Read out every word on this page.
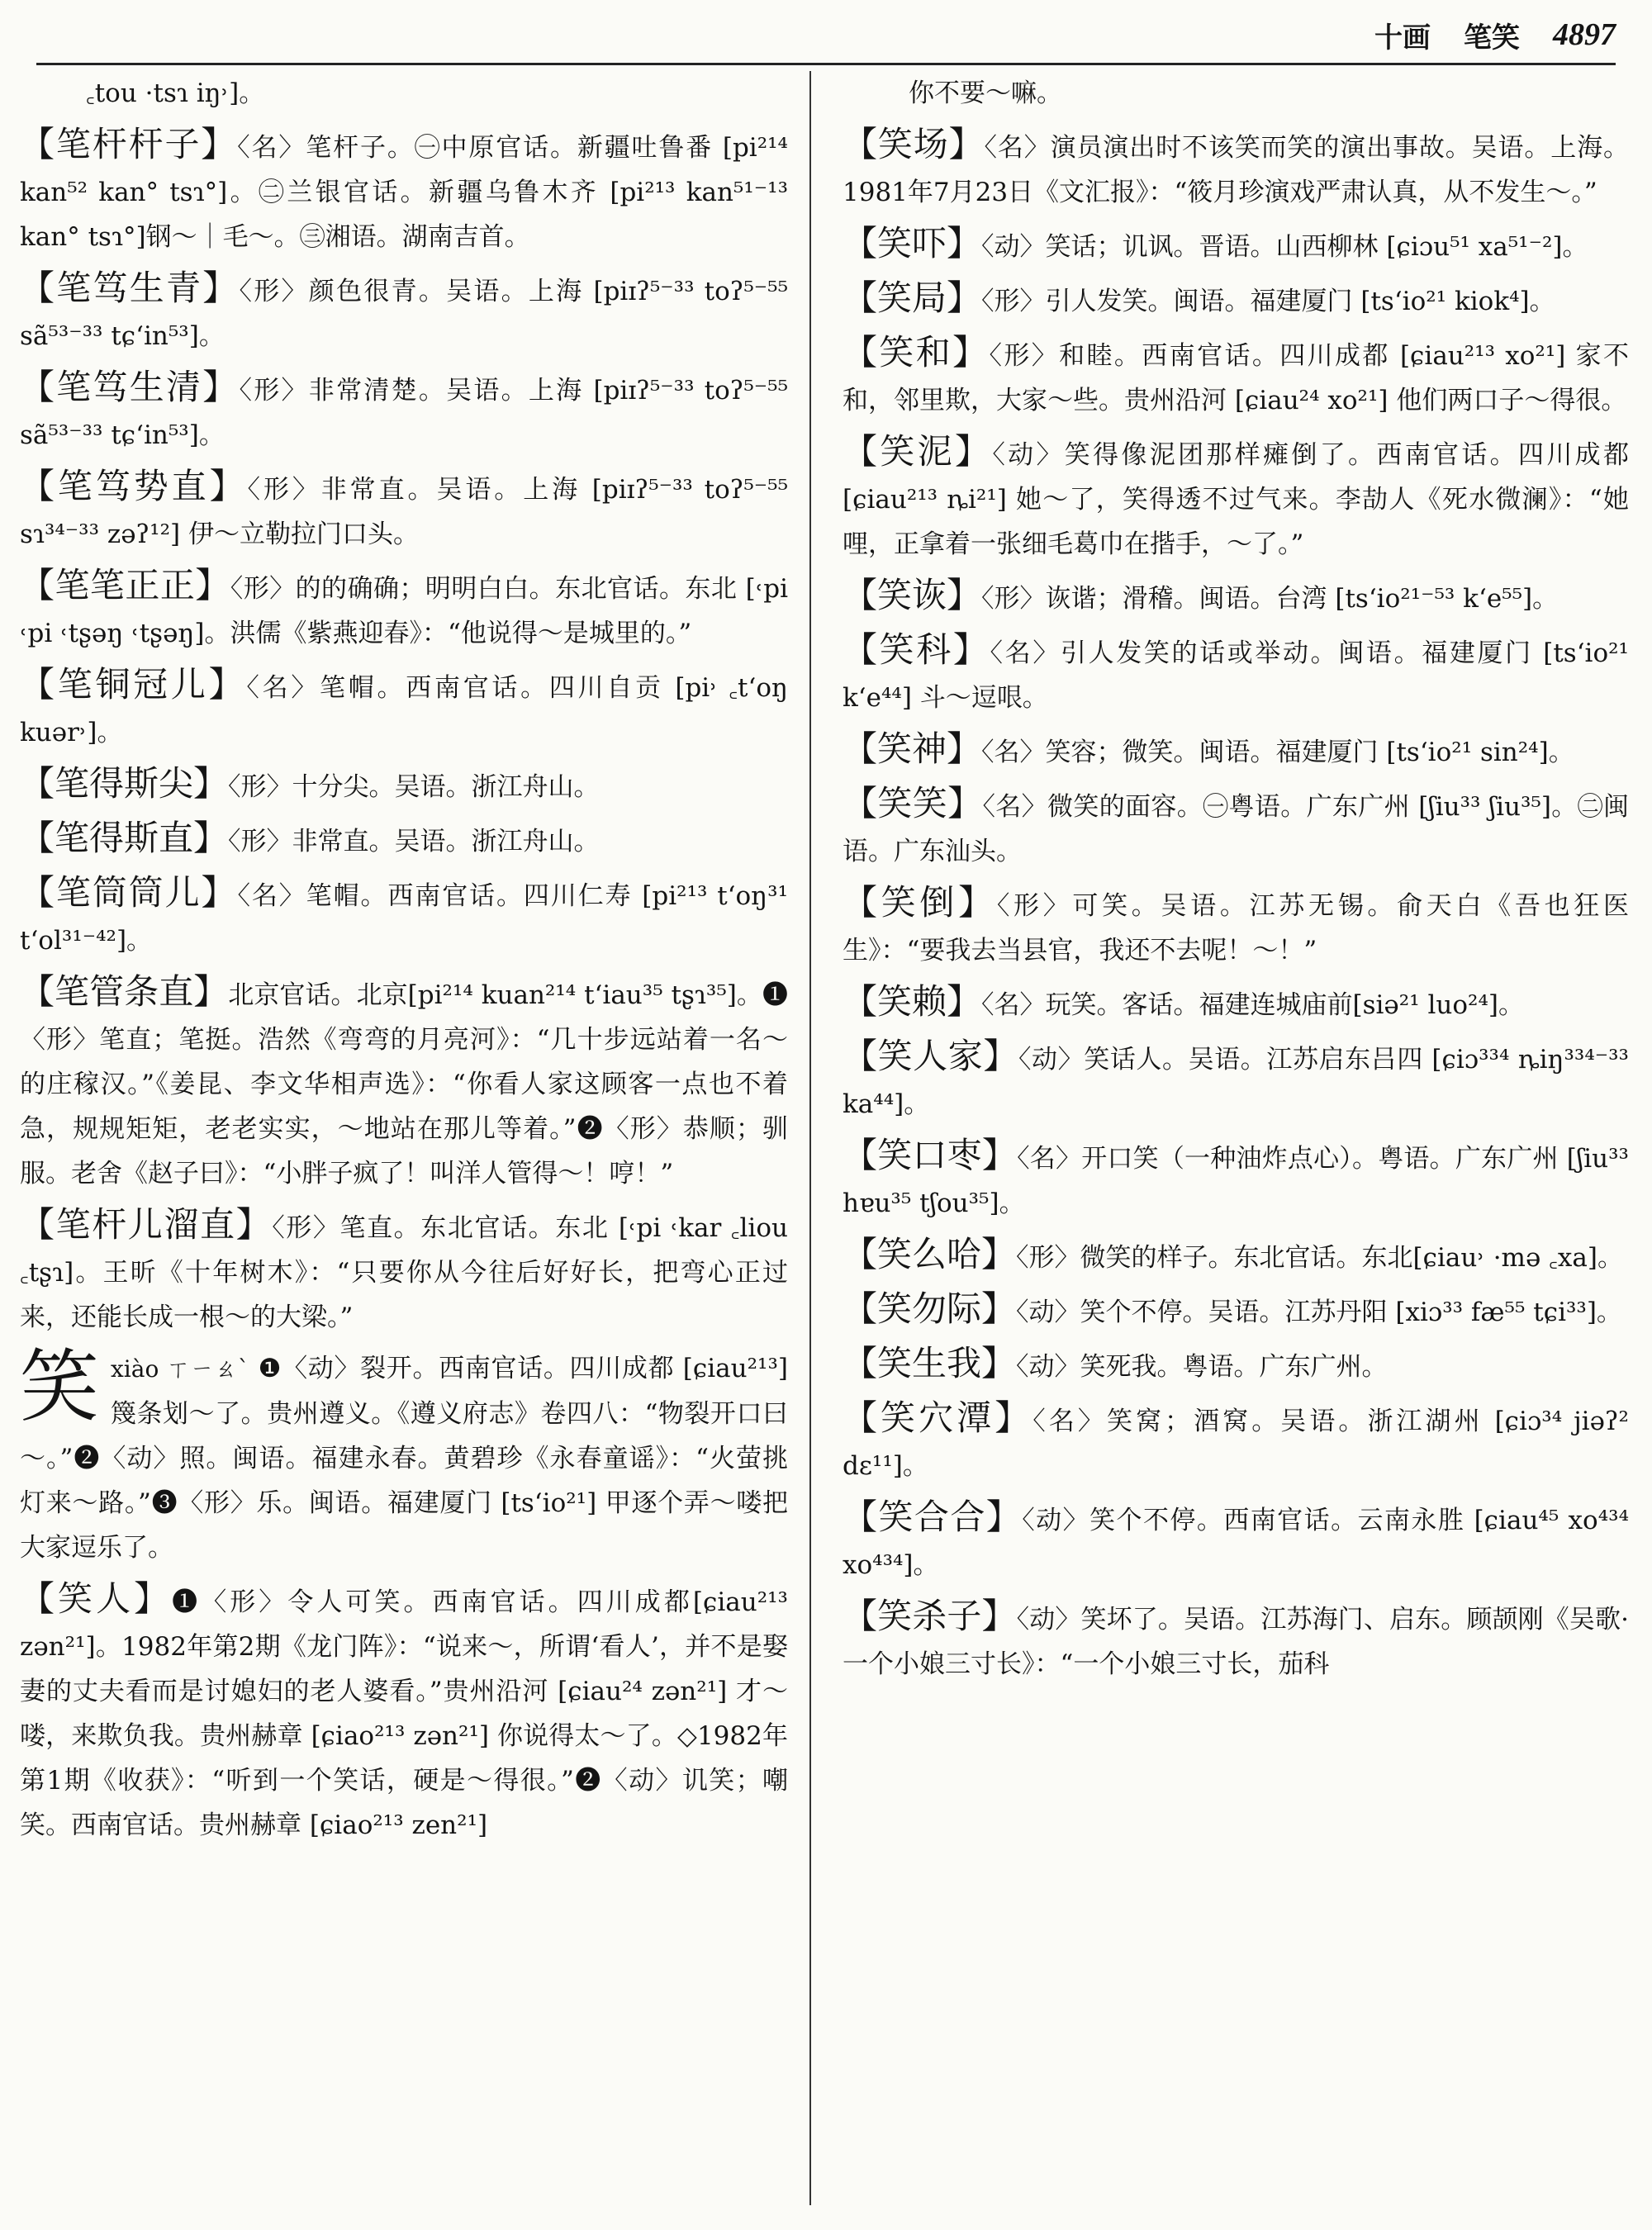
十画 笔笑 4897
꜀tou ·tsɿ iŋ˒]。
【笔杆杆子】〈名〉笔杆子。㊀中原官话。新疆吐鲁番 [pi²¹⁴ kan⁵² kan° tsɿ°]。㊁兰银官话。新疆乌鲁木齐 [pi²¹³ kan⁵¹⁻¹³ kan° tsɿ°]钢～｜毛～。㊂湘语。湖南吉首。
【笔笃生青】〈形〉颜色很青。吴语。上海 [piɪʔ⁵⁻³³ toʔ⁵⁻⁵⁵ sã⁵³⁻³³ tɕʻin⁵³]。
【笔笃生清】〈形〉非常清楚。吴语。上海 [piɪʔ⁵⁻³³ toʔ⁵⁻⁵⁵ sã⁵³⁻³³ tɕʻin⁵³]。
【笔笃势直】〈形〉非常直。吴语。上海 [piɪʔ⁵⁻³³ toʔ⁵⁻⁵⁵ sɿ³⁴⁻³³ zəʔ¹²] 伊～立勒拉门口头。
【笔笔正正】〈形〉的的确确；明明白白。东北官话。东北 [˓pi ˓pi ˓tʂəŋ ˓tʂəŋ]。洪儒《紫燕迎春》：“他说得～是城里的。”
【笔铜冠儿】〈名〉笔帽。西南官话。四川自贡 [pi˒ ꜀tʻoŋ kuər˒]。
【笔得斯尖】〈形〉十分尖。吴语。浙江舟山。
【笔得斯直】〈形〉非常直。吴语。浙江舟山。
【笔筒筒儿】〈名〉笔帽。西南官话。四川仁寿 [pi²¹³ tʻoŋ³¹ tʻol³¹⁻⁴²]。
【笔管条直】北京官话。北京[pi²¹⁴ kuan²¹⁴ tʻiau³⁵ tʂɿ³⁵]。❶〈形〉笔直；笔挺。浩然《弯弯的月亮河》：“几十步远站着一名～的庄稼汉。”《姜昆、李文华相声选》：“你看人家这顾客一点也不着急，规规矩矩，老老实实，～地站在那儿等着。”❷〈形〉恭顺；驯服。老舍《赵子曰》：“小胖子疯了！叫洋人管得～！哼！”
【笔杆儿溜直】〈形〉笔直。东北官话。东北 [˓pi ˓kar ꜀liou ꜀tʂɿ]。王昕《十年树木》：“只要你从今往后好好长，把弯心正过来，还能长成一根～的大梁。”
笑 xiào ㄒㄧㄠˋ ❶〈动〉裂开。西南官话。四川成都 [ɕiau²¹³] 篾条划～了。贵州遵义。《遵义府志》卷四八：“物裂开口曰～。”❷〈动〉照。闽语。福建永春。黄碧珍《永春童谣》：“火萤挑灯来～路。”❸〈形〉乐。闽语。福建厦门 [tsʻio²¹] 甲逐个弄～喽把大家逗乐了。
【笑人】❶〈形〉令人可笑。西南官话。四川成都[ɕiau²¹³ zən²¹]。1982年第2期《龙门阵》：“说来～，所谓‘看人’，并不是娶妻的丈夫看而是讨媳妇的老人婆看。”贵州沿河 [ɕiau²⁴ zən²¹] 才～喽，来欺负我。贵州赫章 [ɕiao²¹³ zən²¹] 你说得太～了。◇1982年第1期《收获》：“听到一个笑话，硬是～得很。”❷〈动〉讥笑；嘲笑。西南官话。贵州赫章 [ɕiao²¹³ zen²¹]
你不要～嘛。
【笑场】〈名〉演员演出时不该笑而笑的演出事故。吴语。上海。1981年7月23日《文汇报》：“筱月珍演戏严肃认真，从不发生～。”
【笑吓】〈动〉笑话；讥讽。晋语。山西柳林 [ɕiɔu⁵¹ xa⁵¹⁻²]。
【笑局】〈形〉引人发笑。闽语。福建厦门 [tsʻio²¹ kiok⁴]。
【笑和】〈形〉和睦。西南官话。四川成都 [ɕiau²¹³ xo²¹] 家不和，邻里欺，大家～些。贵州沿河 [ɕiau²⁴ xo²¹] 他们两口子～得很。
【笑泥】〈动〉笑得像泥团那样瘫倒了。西南官话。四川成都 [ɕiau²¹³ ȵi²¹] 她～了，笑得透不过气来。李劼人《死水微澜》：“她哩，正拿着一张细毛葛巾在揩手，～了。”
【笑诙】〈形〉诙谐；滑稽。闽语。台湾 [tsʻio²¹⁻⁵³ kʻe⁵⁵]。
【笑科】〈名〉引人发笑的话或举动。闽语。福建厦门 [tsʻio²¹ kʻe⁴⁴] 斗～逗哏。
【笑神】〈名〉笑容；微笑。闽语。福建厦门 [tsʻio²¹ sin²⁴]。
【笑笑】〈名〉微笑的面容。㊀粤语。广东广州 [ʃiu³³ ʃiu³⁵]。㊁闽语。广东汕头。
【笑倒】〈形〉可笑。吴语。江苏无锡。俞天白《吾也狂医生》：“要我去当县官，我还不去呢！～！”
【笑赖】〈名〉玩笑。客话。福建连城庙前[siə²¹ luo²⁴]。
【笑人家】〈动〉笑话人。吴语。江苏启东吕四 [ɕiɔ³³⁴ ȵiŋ³³⁴⁻³³ ka⁴⁴]。
【笑口枣】〈名〉开口笑（一种油炸点心）。粤语。广东广州 [ʃiu³³ hɐu³⁵ tʃou³⁵]。
【笑么哈】〈形〉微笑的样子。东北官话。东北[ɕiau˒ ·mə ꜀xa]。
【笑勿际】〈动〉笑个不停。吴语。江苏丹阳 [xiɔ³³ fæ⁵⁵ tɕi³³]。
【笑生我】〈动〉笑死我。粤语。广东广州。
【笑穴潭】〈名〉笑窝；酒窝。吴语。浙江湖州 [ɕiɔ³⁴ jiəʔ² dɛ¹¹]。
【笑合合】〈动〉笑个不停。西南官话。云南永胜 [ɕiau⁴⁵ xo⁴³⁴ xo⁴³⁴]。
【笑杀子】〈动〉笑坏了。吴语。江苏海门、启东。顾颉刚《吴歌·一个小娘三寸长》：“一个小娘三寸长，茄科
